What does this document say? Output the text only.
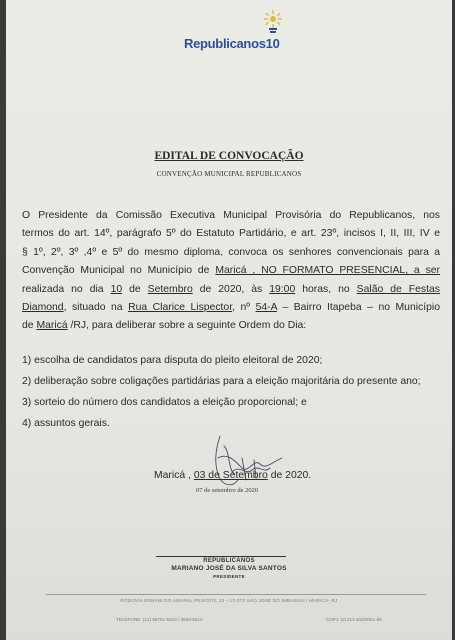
Republicanos10
EDITAL DE CONVOCAÇÃO
CONVENÇÃO MUNICIPAL REPUBLICANOS
O Presidente da Comissão Executiva Municipal Provisória do Republicanos, nos
termos do art. 14º, parágrafo 5º do Estatuto Partidário, e art. 23º, incisos I, II, III, IV e
§ 1º, 2º, 3º ,4º e 5º do mesmo diploma, convoca os senhores convencionais para a
Convenção Municipal no Município de Maricá , NO FORMATO PRESENCIAL, a ser
realizada no dia 10 de Setembro de 2020, às 19:00 horas, no Salão de Festas
Diamond, situado na Rua Clarice Lispector, nº 54-A – Bairro Itapeba – no Município
de Maricá /RJ, para deliberar sobre a seguinte Ordem do Dia:
1) escolha de candidatos para disputa do pleito eleitoral de 2020;
2) deliberação sobre coligações partidárias para a eleição majoritária do presente ano;
3) sorteio do número dos candidatos a eleição proporcional; e
4) assuntos gerais.
Maricá , 03 de Setembro de 2020.
07 de setembro de 2020
REPUBLICANOS
MARIANO JOSÉ DA SILVA SANTOS
PRESIDENTE
RODOVIA ERNANI DO AMARAL PEIXOTO, 23 – LT-272 SÃO JOSÉ DO IMBASSAÍ / MARICÁ- RJ
TELEFONE: (21) 96701-5210 / 3694-5210	CNPJ: 10.213.403/0001-58
